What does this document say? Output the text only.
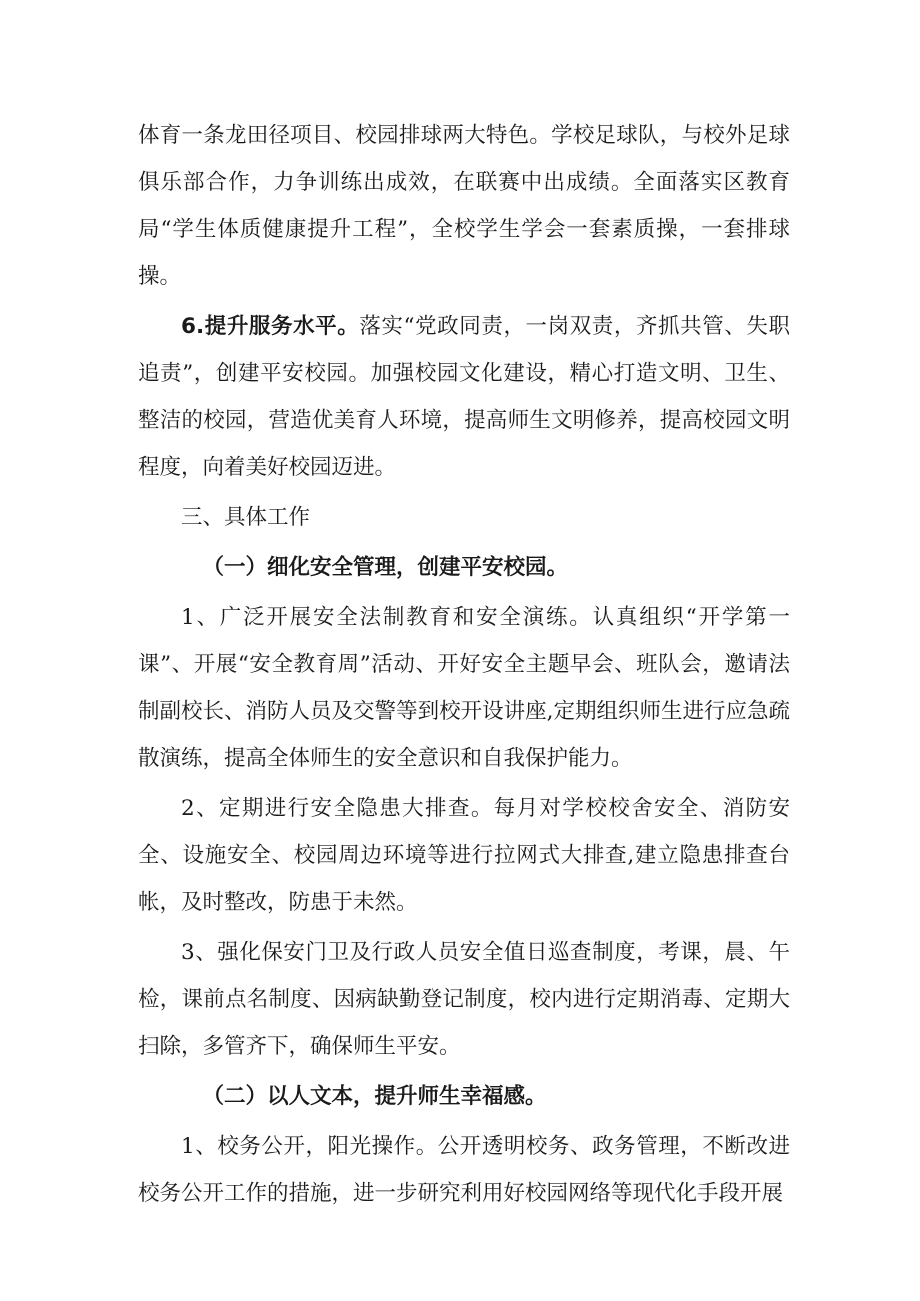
体育一条龙田径项目、校园排球两大特色。学校足球队，与校外足球俱乐部合作，力争训练出成效，在联赛中出成绩。全面落实区教育局“学生体质健康提升工程”，全校学生学会一套素质操，一套排球操。

6.提升服务水平。落实“党政同责，一岗双责，齐抓共管、失职追责”，创建平安校园。加强校园文化建设，精心打造文明、卫生、整洁的校园，营造优美育人环境，提高师生文明修养，提高校园文明程度，向着美好校园迈进。

三、具体工作

（一）细化安全管理，创建平安校园。

1、广泛开展安全法制教育和安全演练。认真组织“开学第一课”、开展“安全教育周”活动、开好安全主题早会、班队会，邀请法制副校长、消防人员及交警等到校开设讲座,定期组织师生进行应急疏散演练，提高全体师生的安全意识和自我保护能力。

2、定期进行安全隐患大排查。每月对学校校舍安全、消防安全、设施安全、校园周边环境等进行拉网式大排查,建立隐患排查台帐，及时整改，防患于未然。

3、强化保安门卫及行政人员安全值日巡查制度，考课，晨、午检，课前点名制度、因病缺勤登记制度，校内进行定期消毒、定期大扫除，多管齐下，确保师生平安。

（二）以人文本，提升师生幸福感。

1、校务公开，阳光操作。公开透明校务、政务管理，不断改进校务公开工作的措施，进一步研究利用好校园网络等现代化手段开展
